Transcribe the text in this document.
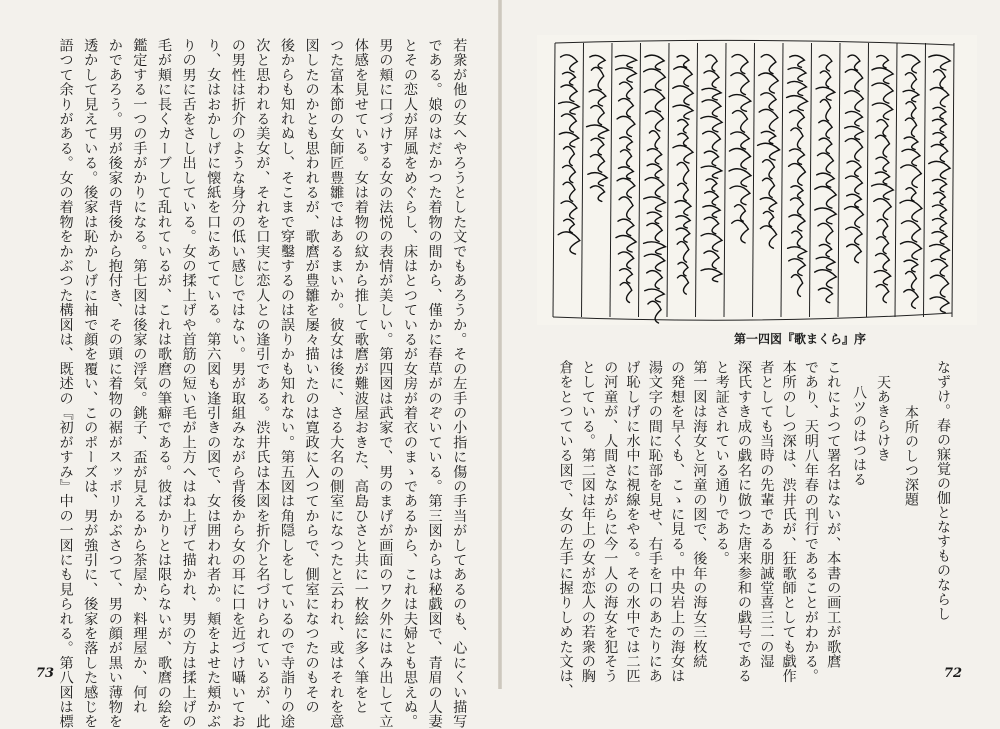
若衆が他の女へやろうとした文でもあろうか。その左手の小指に傷の手当がしてあるのも、心にくい描写
である。娘のはだかつた着物の間から、僅かに春草がのぞいている。第三図からは秘戯図で、青眉の人妻
とその恋人が屏風をめぐらし、床はとつているが女房が着衣のまゝであるから、これは夫婦とも思えぬ。
男の頬に口づけする女の法悦の表情が美しい。第四図は武家で、男のまげが画面のワク外にはみ出して立
体感を見せている。女は着物の紋から推して歌麿が難波屋おきた、高島ひさと共に一枚絵に多く筆をと
つた富本節の女師匠豊雛ではあるまいか。彼女は後に、さる大名の側室になつたと云われ、或はそれを意
図したのかとも思われるが、歌麿が豊雛を屡々描いたのは寛政に入つてからで、側室になつたのもその
後からも知れぬし、そこまで穿鑿するのは誤りかも知れない。第五図は角隠しをしているので寺詣りの途
次と思われる美女が、それを口実に恋人との逢引である。渋井氏は本図を折介と名づけられているが、此
の男性は折介のような身分の低い感じではない。男が取組みながら背後から女の耳に口を近づけ囁いてお
り、女はおかしげに懐紙を口にあてている。第六図も逢引きの図で、女は囲われ者か。頬をよせた頬かぶ
りの男に舌をさし出している。女の揉上げや首筋の短い毛が上方へはね上げて描かれ、男の方は揉上げの
毛が頬に長くカーブして乱れているが、これは歌麿の筆癖である。彼ばかりとは限らないが、歌麿の絵を
鑑定する一つの手がかりになる。第七図は後家の浮気。銚子、盃が見えるから茶屋か、料理屋か、何れ
かであろう。男が後家の背後から抱付き、その頭に着物の裾がスッポリかぶさつて、男の顔が黒い薄物を
透かして見えている。後家は恥かしげに袖で顔を覆い、このポーズは、男が強引に、後家を落した感じを
語つて余りがある。女の着物をかぶつた構図は、既述の『初がすみ』中の一図にも見られる。第八図は標
73
第一四図『歌まくら』序
なずけ。春の寐覚の伽となすものならし
本所のしつ深題
天あきらけき
八ツのはつはる
これによつて署名はないが、本書の画工が歌麿
であり、天明八年春の刊行であることがわかる。
本所のしつ深は、渋井氏が、狂歌師としても戯作
者としても当時の先輩である朋誠堂喜三二の湿
深氏すき成の戯名に倣つた唐来参和の戯号である
と考証されている通りである。
第一図は海女と河童の図で、後年の海女三枚続
の発想を早くも、こゝに見る。中央岩上の海女は
湯文字の間に恥部を見せ、右手を口のあたりにあ
げ恥しげに水中に視線をやる。その水中では二匹
の河童が、人間さながらに今一人の海女を犯そう
としている。第二図は年上の女が恋人の若衆の胸
倉をとつている図で、女の左手に握りしめた文は、	72
